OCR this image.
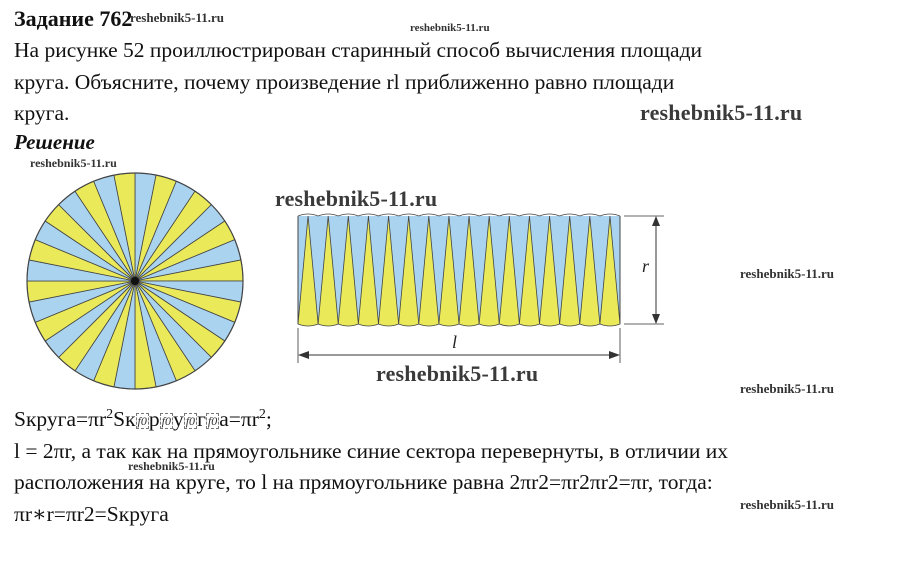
Задание 762
reshebnik5-11.ru
reshebnik5-11.ru
На рисунке 52 проиллюстрирован старинный способ вычисления площади
круга. Объясните, почему произведение rl приближенно равно площади
круга.	reshebnik5-11.ru
Решение
reshebnik5-11.ru
reshebnik5-11.ru
r
l
reshebnik5-11.ru
reshebnik5-11.ru
reshebnik5-11.ru
$Sкруга=\pi r^2Sк$ f0р f0у f0г $f0а=\pi r^2$;
l = 2πr, а так как на прямоугольнике синие сектора перевернуты, в отличии их
reshebnik5-11.ru
расположения на круге, то l на прямоугольнике равна 2πr2=πr2πr2=πr, тогда:
πr∗r=πr2=Sкруга	reshebnik5-11.ru
